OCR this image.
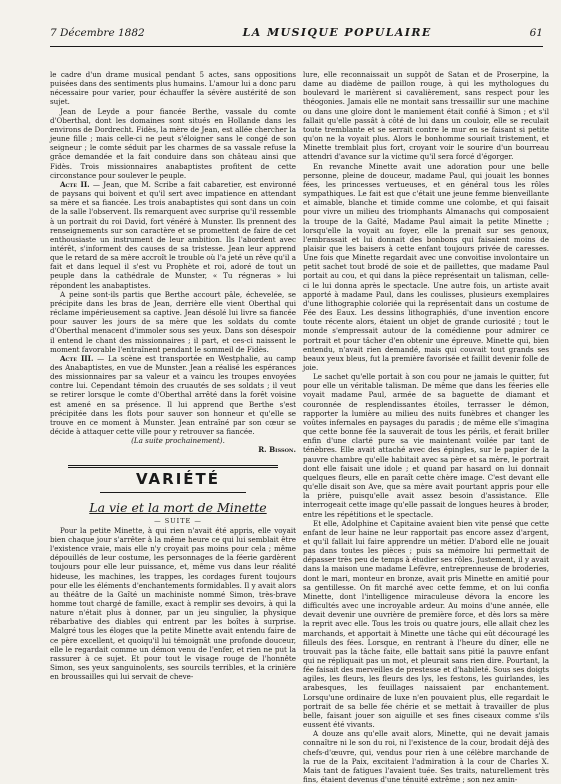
7 Décembre 1882	LA MUSIQUE POPULAIRE	61

le cadre d'un drame musical pendant 5 actes, sans oppositions puisées dans des sentiments plus humains. L'amour lui a donc paru nécessaire pour varier, pour échauffer la sévère austérité de son sujet.

Jean de Leyde a pour fiancée Berthe, vassale du comte d'Oberthal, dont les domaines sont situés en Hollande dans les environs de Dordrecht. Fidès, la mère de Jean, est allée chercher la jeune fille ; mais celle-ci ne peut s'éloigner sans le congé de son seigneur ; le comte séduit par les charmes de sa vassale refuse la grâce demandée et la fait conduire dans son château ainsi que Fidès. Trois missionnaires anabaptistes profitent de cette circonstance pour soulever le peuple.

Acte II. — Jean, que M. Scribe a fait cabaretier, est environné de paysans qui boivent et qu'il sert avec impatience en attendant sa mère et sa fiancée. Les trois anabaptistes qui sont dans un coin de la salle l'observent. Ils remarquent avec surprise qu'il ressemble à un portrait du roi David, fort vénéré à Munster. Ils prennent des renseignements sur son caractère et se promettent de faire de cet enthousiaste un instrument de leur ambition. Ils l'abordent avec intérêt, s'informent des causes de sa tristesse. Jean leur apprend que le retard de sa mère accroît le trouble où l'a jeté un rêve qu'il a fait et dans lequel il s'est vu Prophète et roi, adoré de tout un peuple dans la cathédrale de Munster, « Tu régneras » lui répondent les anabaptistes.

A peine sont-ils partis que Berthe accourt pâle, échevelée, se précipite dans les bras de Jean, derrière elle vient Oberthal qui réclame impérieusement sa captive. Jean désolé lui livre sa fiancée pour sauver les jours de sa mère que les soldats du comte d'Oberthal menacent d'immoler sous ses yeux. Dans son désespoir il entend le chant des missionnaires ; il part, et ces-ci naissent le moment favorable l'entraînent pendant le sommeil de Fidès.

Acte III. — La scène est transportée en Westphalie, au camp des Anabaptistes, en vue de Munster. Jean a réalisé les espérances des missionnaires par sa valeur et a vaincu les troupes envoyées contre lui. Cependant témoin des cruautés de ses soldats ; il veut se retirer lorsque le comte d'Oberthal arrêté dans la forêt voisine est amené en sa présence. Il lui apprend que Berthe s'est précipitée dans les flots pour sauver son honneur et qu'elle se trouve en ce moment à Munster. Jean entraîné par son cœur se décide à attaquer cette ville pour y retrouver sa fiancée.

(La suite prochainement).

R. Bisson.

VARIÉTÉ

La vie et la mort de Minette

— SUITE —

Pour la petite Minette, à qui rien n'avait été appris, elle voyait bien chaque jour s'arrêter à la même heure ce qui lui semblait être l'existence vraie, mais elle n'y croyait pas moins pour cela ; même dépouillés de leur costume, les personnages de la féerie gardèrent toujours pour elle leur puissance, et, même vus dans leur réalité hideuse, les machines, les trappes, les cordages furent toujours pour elle les éléments d'enchantements formidables. Il y avait alors au théâtre de la Gaîté un machiniste nommé Simon, très-brave homme tout chargé de famille, exact à remplir ses devoirs, à qui la nature n'était plus à donner, par un jeu singulier, la physique rébarbative des diables qui entrent par les boîtes à surprise. Malgré tous les éloges que la petite Minette avait entendu faire de ce père excellent, et quoiqu'il lui témoignât une profonde douceur, elle le regardait comme un démon venu de l'enfer, et rien ne put la rassurer à ce sujet. Et pour tout le visage rouge de l'honnête Simon, ses yeux sanguinolents, ses sourcils terribles, et la crinière en broussailles qui lui servait de cheve-

lure, elle reconnaissait un suppôt de Satan et de Proserpine, la dame au diadème de paillon rouge, à qui les mythologues du boulevard le marièrent si cavalièrement, sans respect pour les théogonies. Jamais elle ne montait sans tressaillir sur une machine ou dans une gloire dont le maniement était confié à Simon ; et s'il fallait qu'elle passât à côté de lui dans un couloir, elle se reculait toute tremblante et se serrait contre le mur en se faisant si petite qu'on ne la voyait plus. Alors le bonhomme souriait tristement, et Minette tremblait plus fort, croyant voir le sourire d'un bourreau attendri d'avance sur la victime qu'il sera forcé d'égorger.

En revanche Minette avait une adoration pour une belle personne, pleine de douceur, madame Paul, qui jouait les bonnes fées, les princesses vertueuses, et en général tous les rôles sympathiques. Le fait est que c'était une jeune femme bienveillante et aimable, blanche et timide comme une colombe, et qui faisait pour vivre un milieu des triomphants Almanachs qui composaient la troupe de la Gaîté, Madame Paul aimait la petite Minette ; lorsqu'elle la voyait au foyer, elle la prenait sur ses genoux, l'embrassait et lui donnait des bonbons qui faisaient moins de plaisir que les baisers à cette enfant toujours privée de caresses. Une fois que Minette regardait avec une convoitise involontaire un petit sachet tout brodé de soie et de paillettes, que madame Paul portait au cou, et qui dans la pièce représentait un talisman, celle-ci le lui donna après le spectacle. Une autre fois, un artiste avait apporté à madame Paul, dans les coulisses, plusieurs exemplaires d'une lithographie coloriée qui la représentait dans un costume de Fée des Eaux. Les dessins lithographiés, d'une invention encore toute récente alors, étaient un objet de grande curiosité ; tout le monde s'empressait autour de la comédienne pour admirer ce portrait et pour tâcher d'en obtenir une épreuve. Minette qui, bien entendu, n'avait rien demandé, mais qui couvait tout grands ses beaux yeux bleus, fut la première favorisée et faillit devenir folle de joie.

Le sachet qu'elle portait à son cou pour ne jamais le quitter, fut pour elle un véritable talisman. De même que dans les féeries elle voyait madame Paul, armée de sa baguette de diamant et couronnée de resplendissantes étoiles, terrasser le démon, rapporter la lumière au milieu des nuits funèbres et changer les voûtes infernales en paysages du paradis ; de même elle s'imagina que cette bonne fée la sauverait de tous les périls, et ferait briller enfin d'une clarté pure sa vie maintenant voilée par tant de ténèbres. Elle avait attaché avec des épingles, sur le papier de la pauvre chambre qu'elle habitait avec sa père et sa mère, le portrait dont elle faisait une idole ; et quand par hasard on lui donnait quelques fleurs, elle en paraît cette chère image. C'est devant elle qu'elle disait son Ave, que sa mère avait pourtant appris pour elle la prière, puisqu'elle avait assez besoin d'assistance. Elle interrogeait cette image qu'elle passait de longues heures à broder, entre les répétitions et le spectacle.

Et elle, Adolphine et Capitaine avaient bien vite pensé que cette enfant de leur haine ne leur rapportait pas encore assez d'argent, et qu'il fallait lui faire apprendre un métier. D'abord elle ne jouait pas dans toutes les pièces ; puis sa mémoire lui permettait de dépasser très peu de temps à étudier ses rôles. Justement, il y avait dans la maison une madame Lefèvre, entreprenneuse de broderies, dont le mari, monteur en bronze, avait pris Minette en amitié pour sa gentillesse. On fit marché avec cette femme, et on lui confia Minette, dont l'intelligence miraculeuse dévora la encore les difficultés avec une incroyable ardeur. Au moins d'une année, elle devait devenir une ouvrière de première force, et dès lors sa mère la reprit avec elle. Tous les trois ou quatre jours, elle allait chez les marchands, et apportait à Minette une tâche qui eût découragé les filleuls des fées. Lorsque, en rentrant à l'heure du dîner, elle ne trouvait pas la tâche faite, elle battait sans pitié la pauvre enfant qui ne répliquait pas un mot, et pleurait sans rien dire. Pourtant, la fée faisait des merveilles de prestesse et d'habileté. Sous ses doigts agiles, les fleurs, les fleurs des lys, les festons, les guirlandes, les arabesques, les feuillages naissaient par enchantement. Lorsqu'une ordinaire de luxe n'en pouvaient plus, elle regardait le portrait de sa belle fée chérie et se mettait à travailler de plus belle, faisant jouer son aiguille et ses fines ciseaux comme s'ils eussent été vivants.

A douze ans qu'elle avait alors, Minette, qui ne devait jamais connaître ni le son du roi, ni l'existence de la cour, brodait déjà des chefs-d'œuvre, qui, vendus pour rien à une célèbre marchande de la rue de la Paix, excitaient l'admiration à la cour de Charles X. Mais tant de fatigues l'avaient tuée. Ses traits, naturellement très fins, étaient devenus d'une ténuité extrême ; son nez amin-
